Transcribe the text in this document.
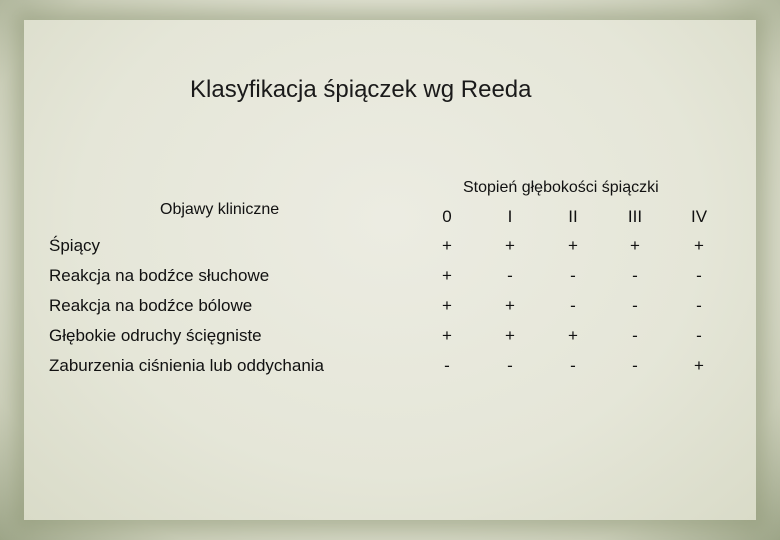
Klasyfikacja śpiączek wg Reeda
Stopień głębokości śpiączki
Objawy kliniczne	0	I	II	III	IV
Śpiący	+	+	+	+	+
Reakcja na bodźce słuchowe	+	-	-	-	-
Reakcja na bodźce bólowe	+	+	-	-	-
Głębokie odruchy ścięgniste	+	+	+	-	-
Zaburzenia ciśnienia lub oddychania	-	-	-	-	+
